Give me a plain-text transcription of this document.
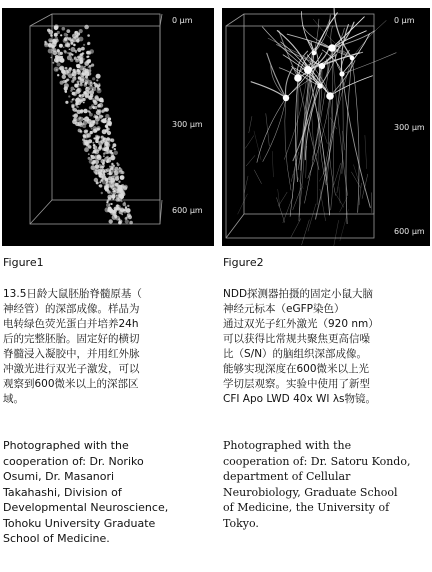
0 µm
300 µm
600 µm
0 µm
300 µm
600 µm
Figure1	Figure2
13.5日龄大鼠胚胎脊髓原基（
神经管）的深部成像。样品为
电转绿色荧光蛋白并培养24h
后的完整胚胎。固定好的横切
脊髓浸入凝胶中，并用红外脉
冲激光进行双光子激发，可以
观察到600微米以上的深部区
域。
NDD探测器拍摄的固定小鼠大脑
神经元标本（eGFP染色）
通过双光子红外激光（920 nm）
可以获得比常规共聚焦更高信噪
比（S/N）的脑组织深部成像。
能够实现深度在600微米以上光
学切层观察。实验中使用了新型
CFI Apo LWD 40x WI λs物镜。
Photographed with the
cooperation of: Dr. Noriko
Osumi, Dr. Masanori
Takahashi, Division of
Developmental Neuroscience,
Tohoku University Graduate
School of Medicine.
Photographed with the
cooperation of: Dr. Satoru Kondo,
department of Cellular
Neurobiology, Graduate School
of Medicine, the University of
Tokyo.
